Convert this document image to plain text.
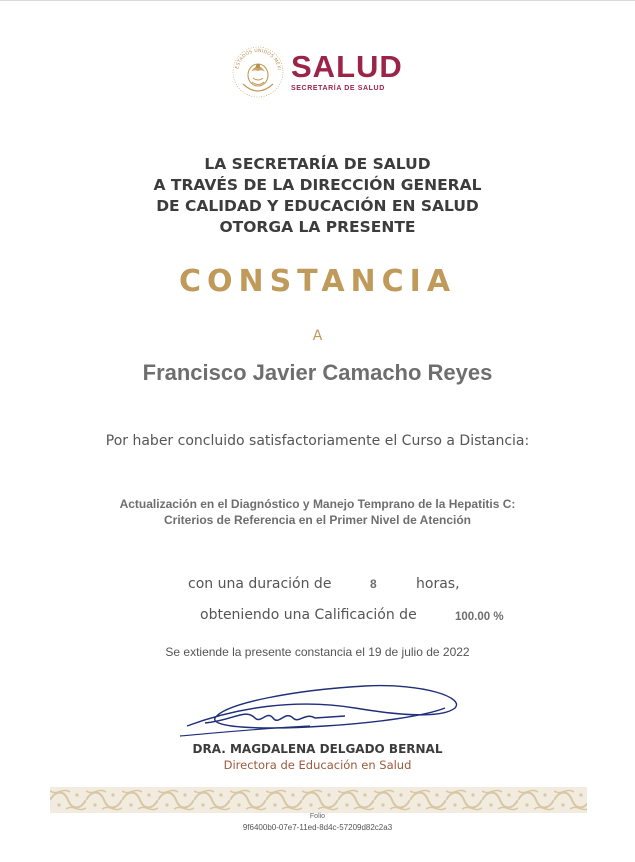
ESTADOS UNIDOS MEXI SALUD
SECRETARÍA DE SALUD
LA SECRETARÍA DE SALUD
A TRAVÉS DE LA DIRECCIÓN GENERAL
DE CALIDAD Y EDUCACIÓN EN SALUD
OTORGA LA PRESENTE
CONSTANCIA
A
Francisco Javier Camacho Reyes
Por haber concluido satisfactoriamente el Curso a Distancia:
Actualización en el Diagnóstico y Manejo Temprano de la Hepatitis C:
Criterios de Referencia en el Primer Nivel de Atención
con una duración de	8	horas,
obteniendo una Calificación de	100.00 %
Se extiende la presente constancia el 19 de julio de 2022
DRA. MAGDALENA DELGADO BERNAL
Directora de Educación en Salud
Folio
9f6400b0-07e7-11ed-8d4c-57209d82c2a3
